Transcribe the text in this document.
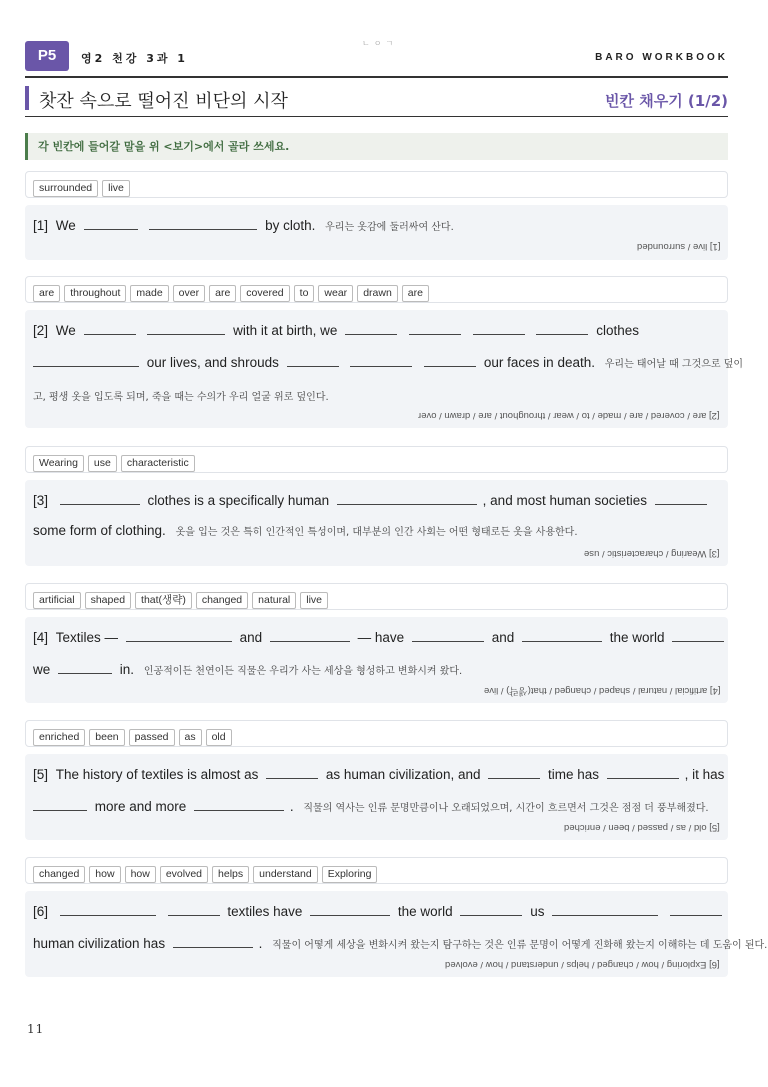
P5	영2 천강 3과 1
ㄴㅇㄱ
BARO WORKBOOK
찻잔 속으로 떨어진 비단의 시작	빈칸 채우기 (1/2)
각 빈칸에 들어갈 말을 위 <보기>에서 골라 쓰세요.
surrounded live
[1] We	by cloth. 우리는 옷감에 둘러싸여 산다.
[1] live / surrounded
are throughout made over are covered to wear drawn are
[2] We	with it at birth, we	clothes
our lives, and shrouds	our faces in death. 우리는 태어날 때 그것으로 덮이
고, 평생 옷을 입도록 되며, 죽을 때는 수의가 우리 얼굴 위로 덮인다.
[2] are / covered / are / made / to / wear / throughout / are / drawn / over
Wearing use characteristic
[3]	clothes is a specifically human	, and most human societies
some form of clothing. 옷을 입는 것은 특히 인간적인 특성이며, 대부분의 인간 사회는 어떤 형태로든 옷을 사용한다.
[3] Wearing / characteristic / use
artificial shaped that(생략) changed natural live
[4] Textiles —	and	— have	and	the world
we	in. 인공적이든 천연이든 직물은 우리가 사는 세상을 형성하고 변화시켜 왔다.
[4] artificial / natural / shaped / changed / that(생략) / live
enriched been passed as old
[5] The history of textiles is almost as	as human civilization, and	time has	, it has
more and more	. 직물의 역사는 인류 문명만큼이나 오래되었으며, 시간이 흐르면서 그것은 점점 더 풍부해졌다.
[5] old / as / passed / been / enriched
changed how how evolved helps understand Exploring
[6]	textiles have	the world	us
human civilization has	. 직물이 어떻게 세상을 변화시켜 왔는지 탐구하는 것은 인류 문명이 어떻게 진화해 왔는지 이해하는 데 도움이 된다.
[6] Exploring / how / changed / helps / understand / how / evolved
11
